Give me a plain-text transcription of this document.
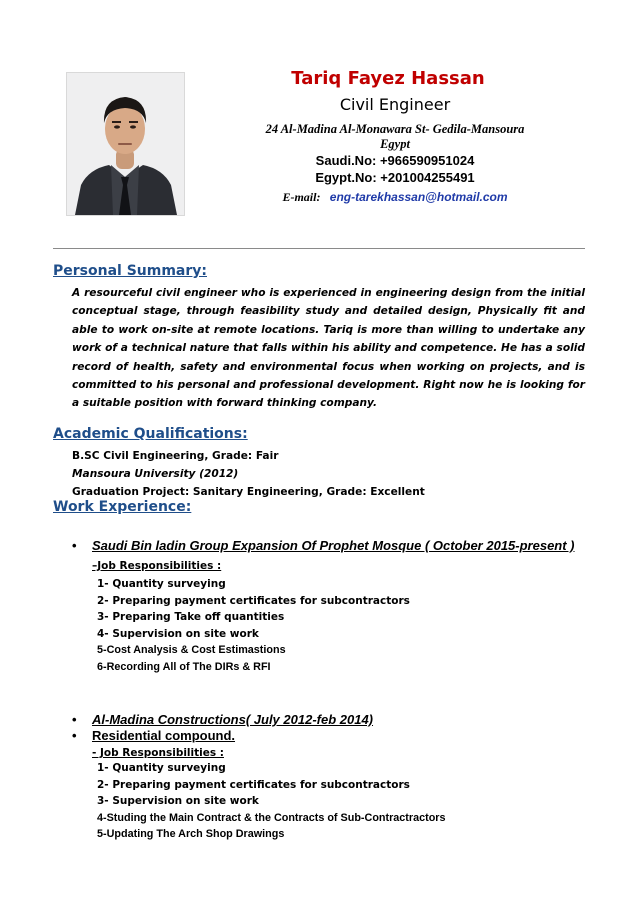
Tariq Fayez Hassan
Civil Engineer
24 Al-Madina Al-Monawara St- Gedila-Mansoura
Egypt
Saudi.No: +966590951024
Egypt.No: +201004255491
E-mail: eng-tarekhassan@hotmail.com
Personal Summary:
A resourceful civil engineer who is experienced in engineering design from the initial conceptual stage, through feasibility study and detailed design, Physically fit and able to work on-site at remote locations. Tariq is more than willing to undertake any work of a technical nature that falls within his ability and competence. He has a solid record of health, safety and environmental focus when working on projects, and is committed to his personal and professional development. Right now he is looking for a suitable position with forward thinking company.
Academic Qualifications:
B.SC Civil Engineering, Grade: Fair
Mansoura University (2012)
Graduation Project: Sanitary Engineering, Grade: Excellent
Work Experience:
• Saudi Bin ladin Group Expansion Of Prophet Mosque ( October 2015-present )
–Job Responsibilities :
1- Quantity surveying
2- Preparing payment certificates for subcontractors
3- Preparing Take off quantities
4- Supervision on site work
5-Cost Analysis & Cost Estimastions
6-Recording All of The DIRs & RFI
• Al-Madina Constructions( July 2012-feb 2014)
• Residential compound.
- Job Responsibilities :
1- Quantity surveying
2- Preparing payment certificates for subcontractors
3- Supervision on site work
4-Studing the Main Contract & the Contracts of Sub-Contractractors
5-Updating The Arch Shop Drawings
